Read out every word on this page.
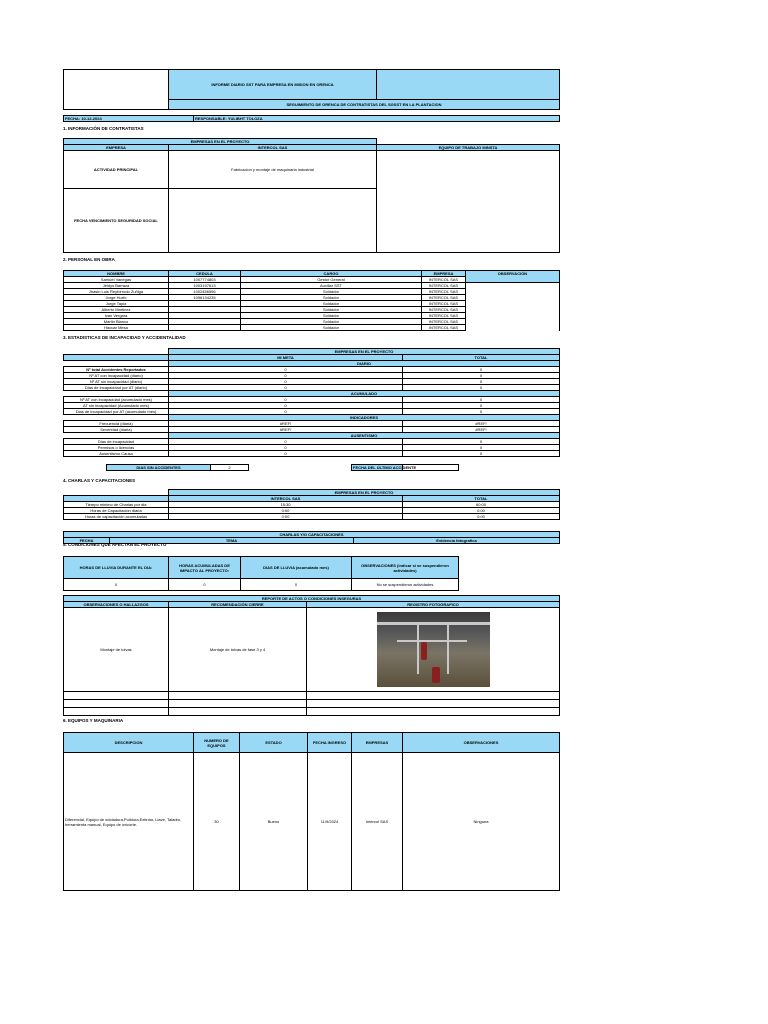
	INFORME DIARIO SST PARA EMPRESA EN MISION EN ORENCA	
SEGUIMIENTO DE ORENCA DE CONTRATISTAS DEL SGSST EN LA PLANTACION
FECHA: 10-12-2024	RESPONSABLE: YULIBHT TOLOZA
1. INFORMACIÓN DE CONTRATISTAS
EMPRESAS EN EL PROYECTO		
EMPRESA	INTERCOL SAS	EQUIPO DE TRABAJO MINSTA
ACTIVIDAD PRINCIPAL	Fabricacion y montaje de maquinaria industrial	
FECHA VENCIMIENTO SEGURIDAD SOCIAL		
2. PERSONAL EN OBRA
NOMBRE	CEDULA	CARGO	EMPRESA	OBSERVACIÓN
Samuel Vanegas	1007774803	Gestor General	INTERCOL SAS	
Jeidys Barraza	1003197613	Auxiliar SST	INTERCOL SAS	
Jhasin Luis Reyforrodo Zuñiga	1002456596	Soldador	INTERCOL SAS	
Jorge Hurfo	1096134235	Soldador	INTERCOL SAS	
Jorge Tapia		Soldador	INTERCOL SAS	
Alberto Martinez		Soldador	INTERCOL SAS	
Ivan Vergara		Soldador	INTERCOL SAS	
Martin Blanco		Soldador	INTERCOL SAS	
Hacuar Mesa		Soldador	INTERCOL SAS	
3. ESTADISTICAS DE INCAPACIDAD Y ACCIDENTALIDAD
	EMPRESAS EN EL PROYECTO	
	MI META	TOTAL
	DIARIO	
Nº total Accidentes Reportados	0	0
Nº AT con incapacidad (diario)	0	0
Nº AT sin incapacidad (diario)	0	0
Dias de incapacidad por AT (diario)	0	0
	ACUMULADO	
Nº AT con incapacidad (acumulado mes)	0	0
AT sin incapacidad (Acumulado mes)	0	0
Dias de incapacidad por AT (acumulado mes)	0	0
	INDICADORES	
Frecuencia (diaria)	#REF!	#REF!
Severidad (diaria)	#REF!	#REF!
	AUSENTISMO	
Dias de incapacidad	0	0
Permisos o licencias	0	0
Ausentismo Causa	0	0
DIAS SIN ACCIDENTES	2	FECHA DEL ÚLTIMO ACCIDENTE	
4. CHARLAS Y CAPACITACIONES
	EMPRESAS EN EL PROYECTO	
	INTERCOL SAS	TOTAL
Tiempo minimo de Charlas por dia	15:30	60:00
Horas de Capacitación diaria	0:00	0:00
Horas de capacitación acumuladas	0:00	0:00
CHARLAS Y/O CAPACITACIONES
FECHA	TEMA	Evidencia fotografica
5. CONDICIONES QUE AFECTAN EL PROYECTO
HORAS DE LLUVIA DURANTE EL DIA:	HORAS ACUMULADAS DE IMPACTO AL PROYECTO:	DIAS DE LLUVIA (acumulado mes)	OBSERVACIONES (indicar si se suspendieron actividades)
0	0	0	No se suspendieron actividades
REPORTE DE ACTOS O CONDICIONES INSEGURAS		
OBSERVACIONES O HALLAZGOS	RECOMENDACIÓN CIERRE	REGISTRO FOTOGRAFICO
Montaje de tolvas	Montaje de tolvas de fase 3 y 4	

6. EQUIPOS Y MAQUINARIA
DESCRIPCION	NUMERO DE EQUIPOS	ESTADO	FECHA INGRESO	EMPRESAS	OBSERVACIONES
Diferencial, Equipo de soldadura,Pulidora,Extintor, Llave, Taladro, herramienta manual, Equipo de oxicorte.	30	Bueno	11/9/2024	Intercol SAS	Ninguna
